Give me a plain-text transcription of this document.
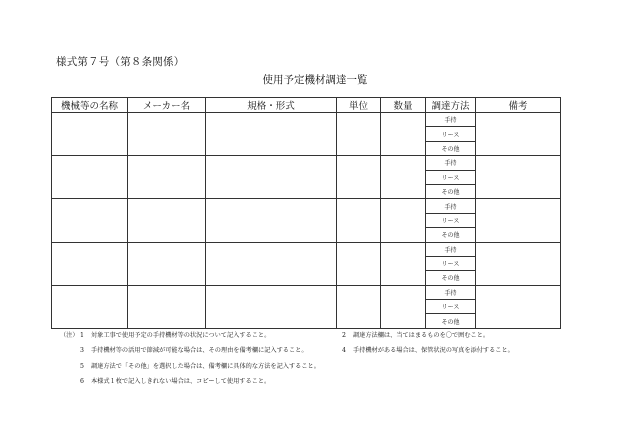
様式第７号（第８条関係）
使用予定機材調達一覧
機械等の名称	メーカー名	規格・形式	単位	数量	調達方法	備考
					手持	
					リース	
					その他	
					手持	
					リース	
					その他	
					手持	
					リース	
					その他	
					手持	
					リース	
					その他	
					手持	
					リース	
					その他	
（注） 1 対象工事で使用予定の手持機材等の状況について記入すること。	2 調達方法欄は、当てはまるものを〇で囲むこと。
3 手持機材等の活用で節減が可能な場合は、その理由を備考欄に記入すること。	4 手持機材がある場合は、保管状況の写真を添付すること。
5 調達方法で「その他」を選択した場合は、備考欄に具体的な方法を記入すること。
6 本様式１枚で記入しきれない場合は、コピーして使用すること。
